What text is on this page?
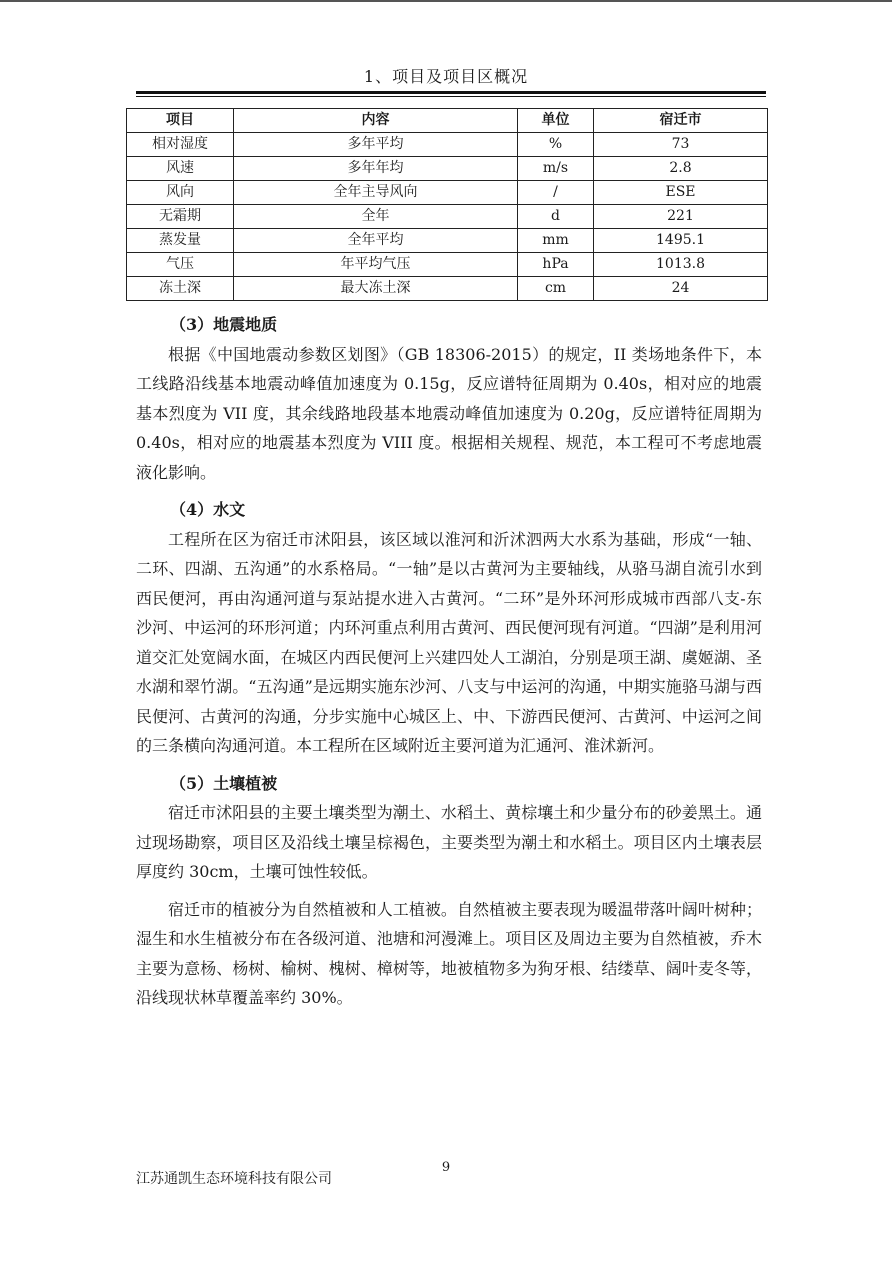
1、项目及项目区概况
项目	内容	单位	宿迁市
相对湿度	多年平均	%	73
风速	多年年均	m/s	2.8
风向	全年主导风向	/	ESE
无霜期	全年	d	221
蒸发量	全年平均	mm	1495.1
气压	年平均气压	hPa	1013.8
冻土深	最大冻土深	cm	24

（3）地震地质

根据《中国地震动参数区划图》（GB 18306-2015）的规定，II 类场地条件下，本工线路沿线基本地震动峰值加速度为 0.15g，反应谱特征周期为 0.40s，相对应的地震基本烈度为 VII 度，其余线路地段基本地震动峰值加速度为 0.20g，反应谱特征周期为 0.40s，相对应的地震基本烈度为 VIII 度。根据相关规程、规范，本工程可不考虑地震液化影响。

（4）水文

工程所在区为宿迁市沭阳县，该区域以淮河和沂沭泗两大水系为基础，形成“一轴、二环、四湖、五沟通”的水系格局。“一轴”是以古黄河为主要轴线，从骆马湖自流引水到西民便河，再由沟通河道与泵站提水进入古黄河。“二环”是外环河形成城市西部八支-东沙河、中运河的环形河道；内环河重点利用古黄河、西民便河现有河道。“四湖”是利用河道交汇处宽阔水面，在城区内西民便河上兴建四处人工湖泊，分别是项王湖、虞姬湖、圣水湖和翠竹湖。“五沟通”是远期实施东沙河、八支与中运河的沟通，中期实施骆马湖与西民便河、古黄河的沟通，分步实施中心城区上、中、下游西民便河、古黄河、中运河之间的三条横向沟通河道。本工程所在区域附近主要河道为汇通河、淮沭新河。

（5）土壤植被

宿迁市沭阳县的主要土壤类型为潮土、水稻土、黄棕壤土和少量分布的砂姜黑土。通过现场勘察，项目区及沿线土壤呈棕褐色，主要类型为潮土和水稻土。项目区内土壤表层厚度约 30cm，土壤可蚀性较低。

宿迁市的植被分为自然植被和人工植被。自然植被主要表现为暖温带落叶阔叶树种；湿生和水生植被分布在各级河道、池塘和河漫滩上。项目区及周边主要为自然植被，乔木主要为意杨、杨树、榆树、槐树、樟树等，地被植物多为狗牙根、结缕草、阔叶麦冬等，沿线现状林草覆盖率约 30%。

9
江苏通凯生态环境科技有限公司
